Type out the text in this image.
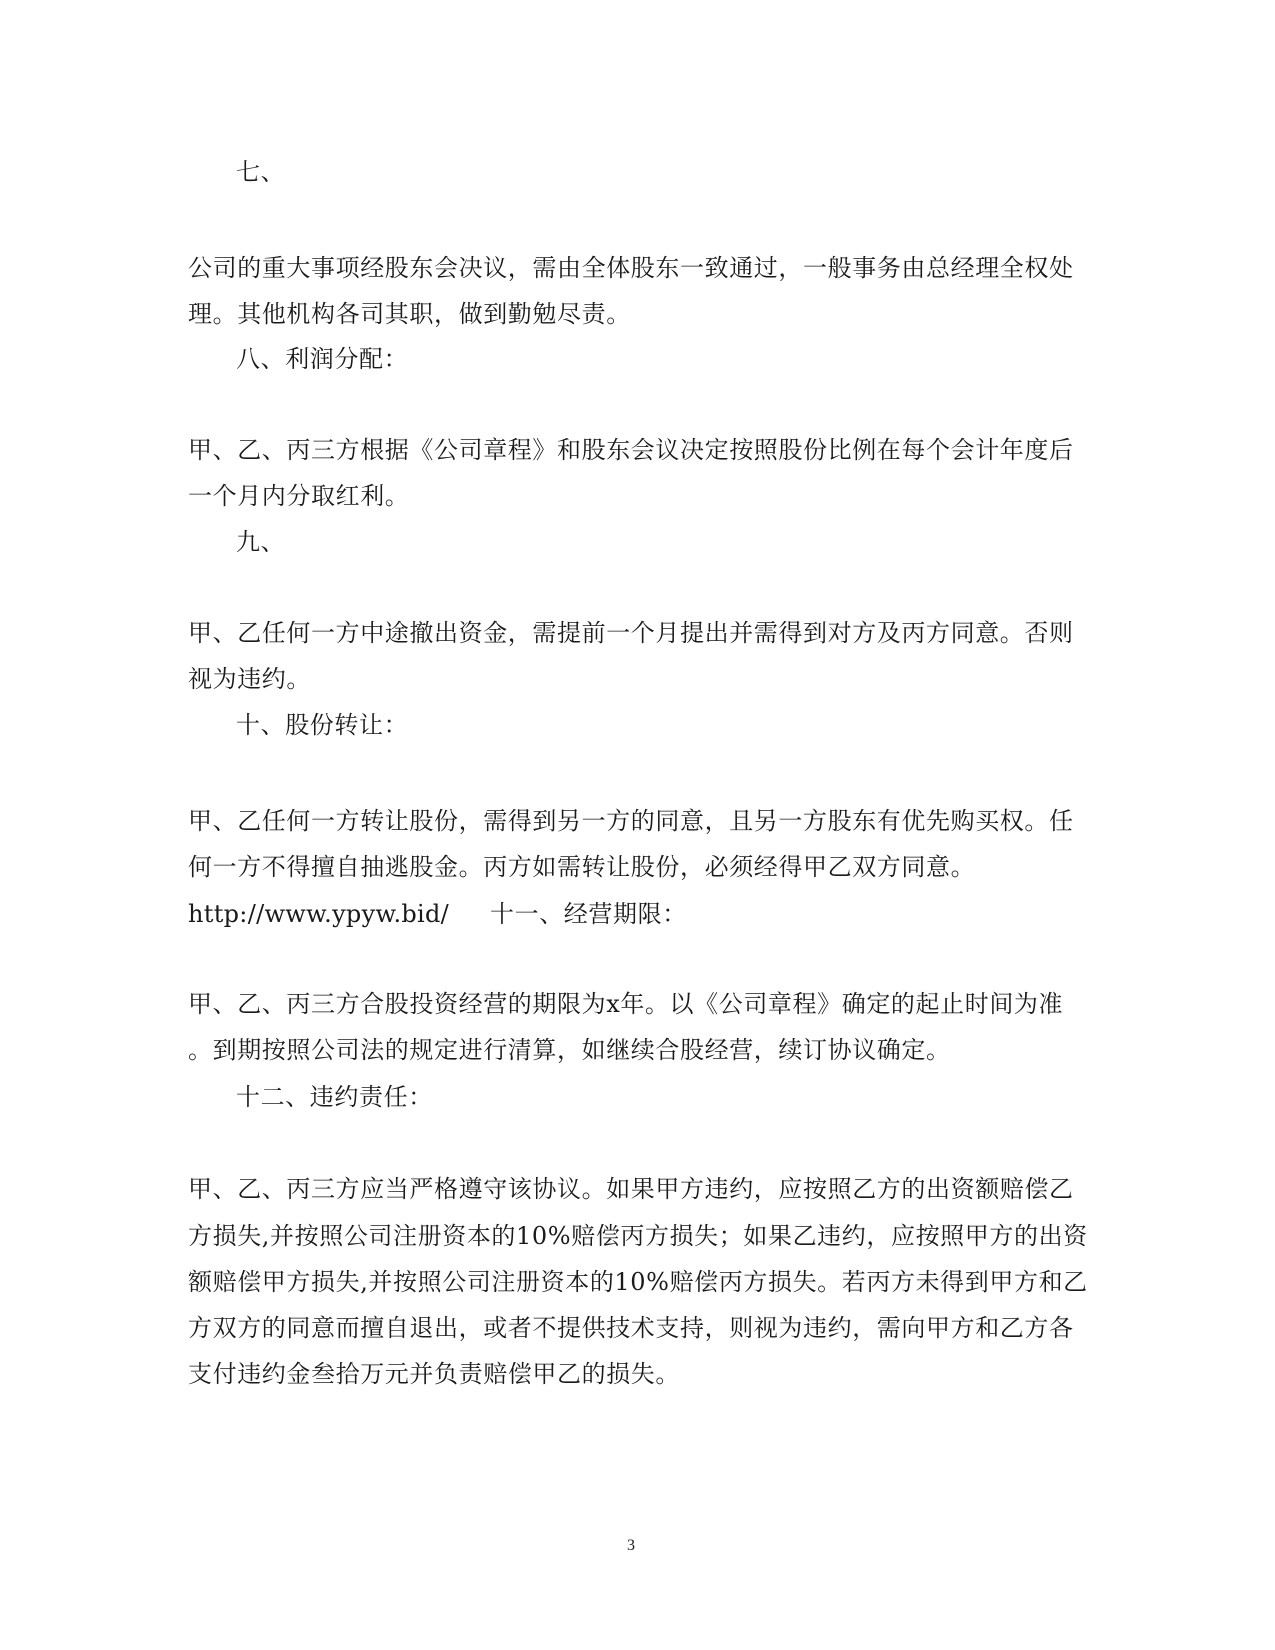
七、
公司的重大事项经股东会决议，需由全体股东一致通过，一般事务由总经理全权处
理。其他机构各司其职，做到勤勉尽责。
八、利润分配：
甲、乙、丙三方根据《公司章程》和股东会议决定按照股份比例在每个会计年度后
一个月内分取红利。
九、
甲、乙任何一方中途撤出资金，需提前一个月提出并需得到对方及丙方同意。否则
视为违约。
十、股份转让：
甲、乙任何一方转让股份，需得到另一方的同意，且另一方股东有优先购买权。任
何一方不得擅自抽逃股金。丙方如需转让股份，必须经得甲乙双方同意。
http://www.ypyw.bid/ 十一、经营期限：
甲、乙、丙三方合股投资经营的期限为x年。以《公司章程》确定的起止时间为准
。到期按照公司法的规定进行清算，如继续合股经营，续订协议确定。
十二、违约责任：
甲、乙、丙三方应当严格遵守该协议。如果甲方违约，应按照乙方的出资额赔偿乙
方损失,并按照公司注册资本的10%赔偿丙方损失；如果乙违约，应按照甲方的出资
额赔偿甲方损失,并按照公司注册资本的10%赔偿丙方损失。若丙方未得到甲方和乙
方双方的同意而擅自退出，或者不提供技术支持，则视为违约，需向甲方和乙方各
支付违约金叁拾万元并负责赔偿甲乙的损失。
3
